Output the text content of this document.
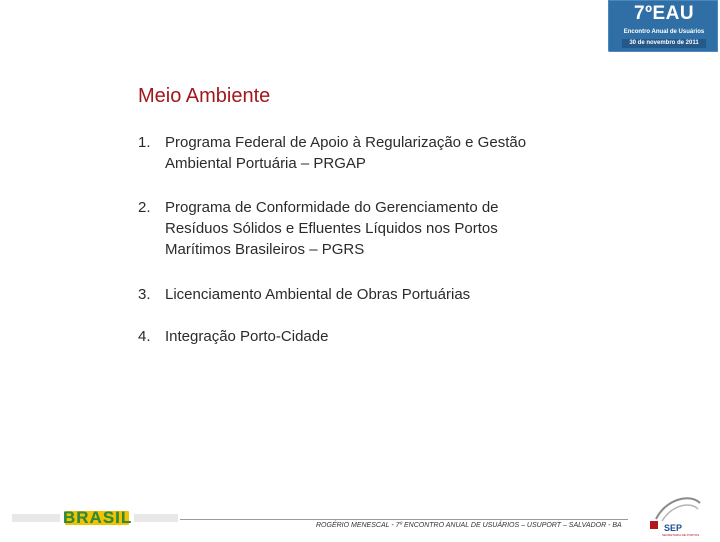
7ºEAU
Encontro Anual de Usuários
30 de novembro de 2011
Meio Ambiente
1. Programa Federal de Apoio à Regularização e Gestão
Ambiental Portuária – PRGAP
2. Programa de Conformidade do Gerenciamento de
Resíduos Sólidos e Efluentes Líquidos nos Portos
Marítimos Brasileiros – PGRS
3. Licenciamento Ambiental de Obras Portuárias
4. Integração Porto-Cidade
BRASIL	ROGÉRIO MENESCAL - 7º ENCONTRO ANUAL DE USUÁRIOS – USUPORT – SALVADOR - BA	SEP
SECRETARIA DE PORTOS
